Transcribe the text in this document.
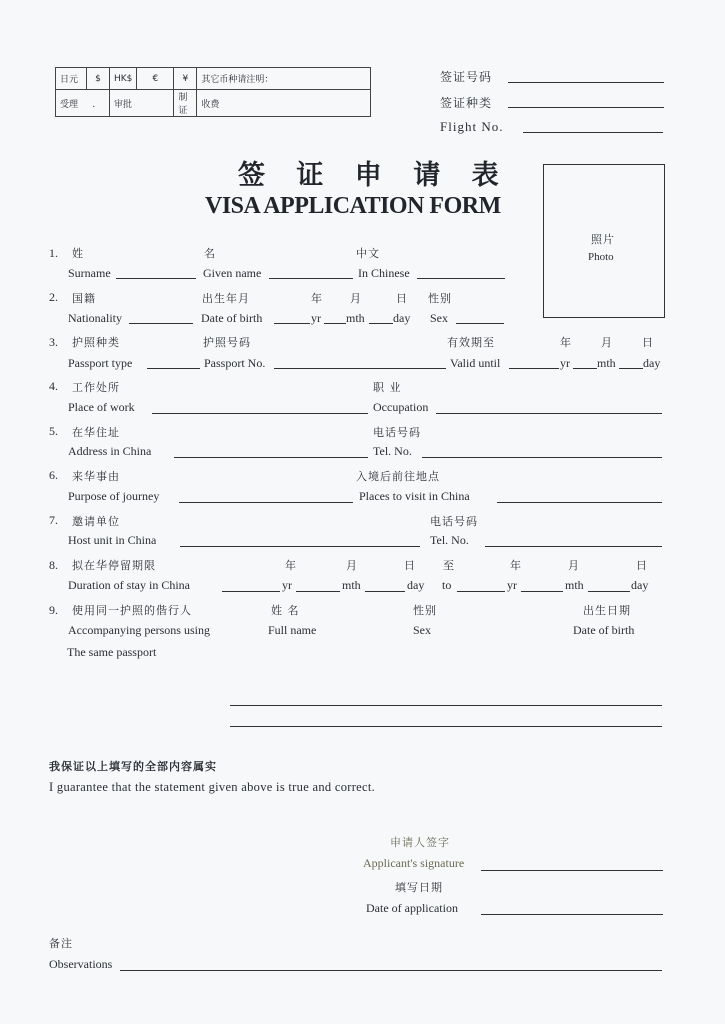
日元	$	HK$	€	¥	其它币种请注明：
受理 .		审批		制证	收费
签证号码
签证种类
Flight No.
签 证 申 请 表
VISA APPLICATION FORM
照片
Photo
1. 姓	名	中文
Surname	Given name	In Chinese
2. 国籍	出生年月	年 月	日 性别
Nationality	Date of birth	yr mth day Sex
3. 护照种类	护照号码	有效期至	年	月	日
Passport type	Passport No.	Valid until	yr mth day
4. 工作处所	职 业
Place of work	Occupation
5. 在华住址	电话号码
Address in China	Tel. No.
6. 来华事由	入境后前往地点
Purpose of journey	Places to visit in China
7. 邀请单位	电话号码
Host unit in China	Tel. No.
8. 拟在华停留期限	年	月	日 至	年	月	日
Duration of stay in China	yr	mth	day to	yr	mth	day
9. 使用同一护照的偕行人	姓 名	性别	出生日期
Accompanying persons using	Full name	Sex	Date of birth
The same passport
我保证以上填写的全部内容属实
I guarantee that the statement given above is true and correct.
申请人签字
Applicant's signature
填写日期
Date of application
备注
Observations
